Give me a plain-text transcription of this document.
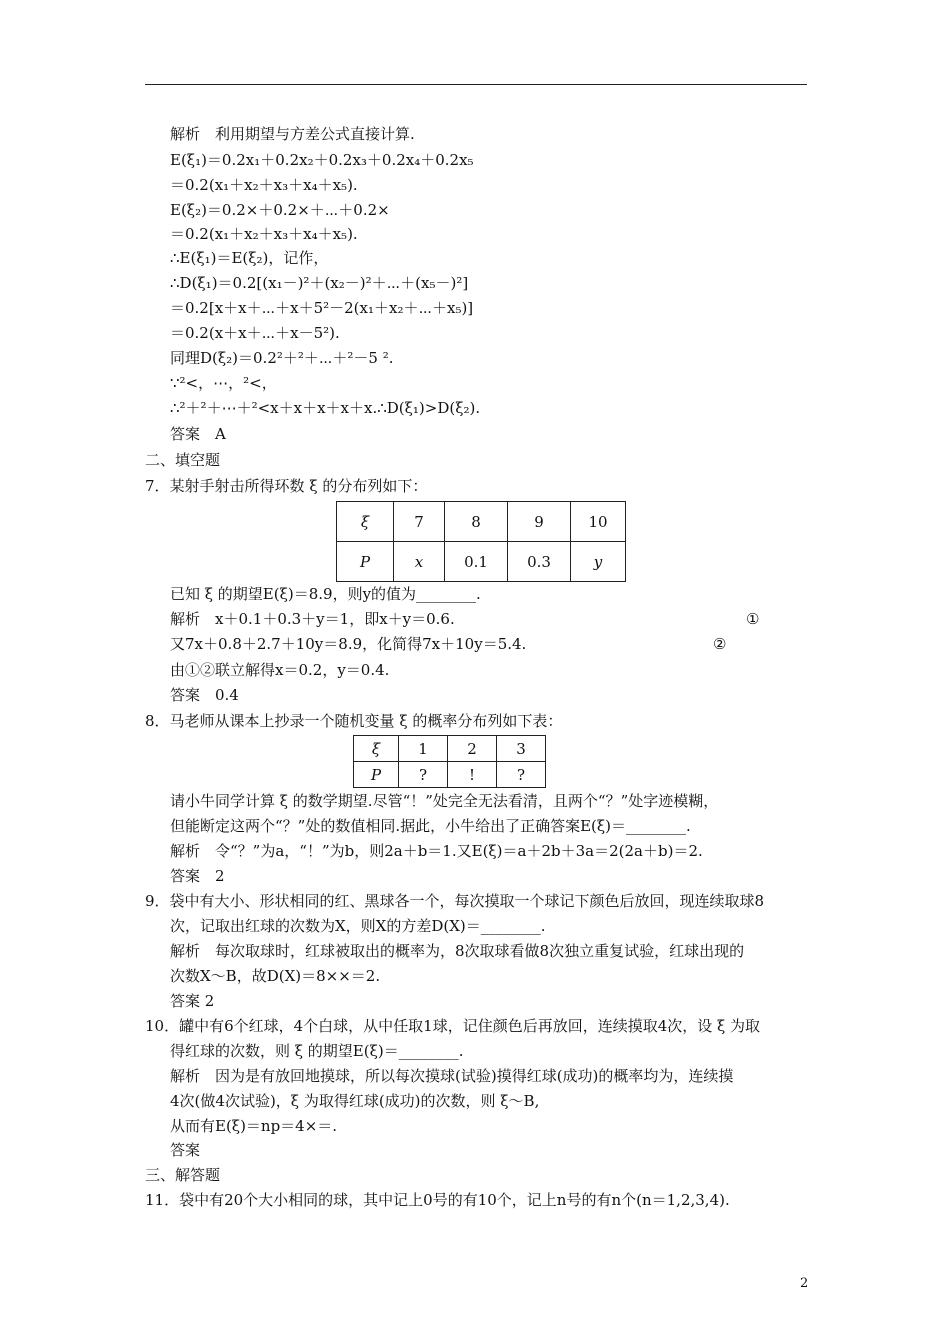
解析　利用期望与方差公式直接计算.
E(ξ₁)＝0.2x₁＋0.2x₂＋0.2x₃＋0.2x₄＋0.2x₅
＝0.2(x₁＋x₂＋x₃＋x₄＋x₅).
E(ξ₂)＝0.2×＋0.2×＋⋯＋0.2×
＝0.2(x₁＋x₂＋x₃＋x₄＋x₅).
∴E(ξ₁)＝E(ξ₂)，记作，
∴D(ξ₁)＝0.2[(x₁－)²＋(x₂－)²＋⋯＋(x₅－)²]
＝0.2[x＋x＋⋯＋x＋5²－2(x₁＋x₂＋⋯＋x₅)]
＝0.2(x＋x＋⋯＋x－5²).
同理D(ξ₂)＝0.2²＋²＋⋯＋²－5 ².
∵²<，⋯，²<，
∴²＋²＋⋯＋²<x＋x＋x＋x＋x.∴D(ξ₁)>D(ξ₂).
答案　A
二、填空题
7．某射手射击所得环数 ξ 的分布列如下：
ξ	7	8	9	10
P	x	0.1	0.3	y
已知 ξ 的期望E(ξ)＝8.9，则y的值为________.
解析　x＋0.1＋0.3＋y＝1，即x＋y＝0.6.	①
又7x＋0.8＋2.7＋10y＝8.9，化简得7x＋10y＝5.4.	②
由①②联立解得x＝0.2，y＝0.4.
答案　0.4
8．马老师从课本上抄录一个随机变量 ξ 的概率分布列如下表：
ξ	1	2	3
P	?	!	?
请小牛同学计算 ξ 的数学期望.尽管“！”处完全无法看清，且两个“？”处字迹模糊，
但能断定这两个“？”处的数值相同.据此，小牛给出了正确答案E(ξ)＝________.
解析　令“？”为a，“！”为b，则2a＋b＝1.又E(ξ)＝a＋2b＋3a＝2(2a＋b)＝2.
答案　2
9．袋中有大小、形状相同的红、黑球各一个，每次摸取一个球记下颜色后放回，现连续取球8
次，记取出红球的次数为X，则X的方差D(X)＝________.
解析　每次取球时，红球被取出的概率为，8次取球看做8次独立重复试验，红球出现的
次数X～B，故D(X)＝8××＝2.
答案 2
10．罐中有6个红球，4个白球，从中任取1球，记住颜色后再放回，连续摸取4次，设 ξ 为取
得红球的次数，则 ξ 的期望E(ξ)＝________.
解析　因为是有放回地摸球，所以每次摸球(试验)摸得红球(成功)的概率均为，连续摸
4次(做4次试验)，ξ 为取得红球(成功)的次数，则 ξ～B,
从而有E(ξ)＝np＝4×＝.
答案
三、解答题
11．袋中有20个大小相同的球，其中记上0号的有10个，记上n号的有n个(n＝1,2,3,4).
2
